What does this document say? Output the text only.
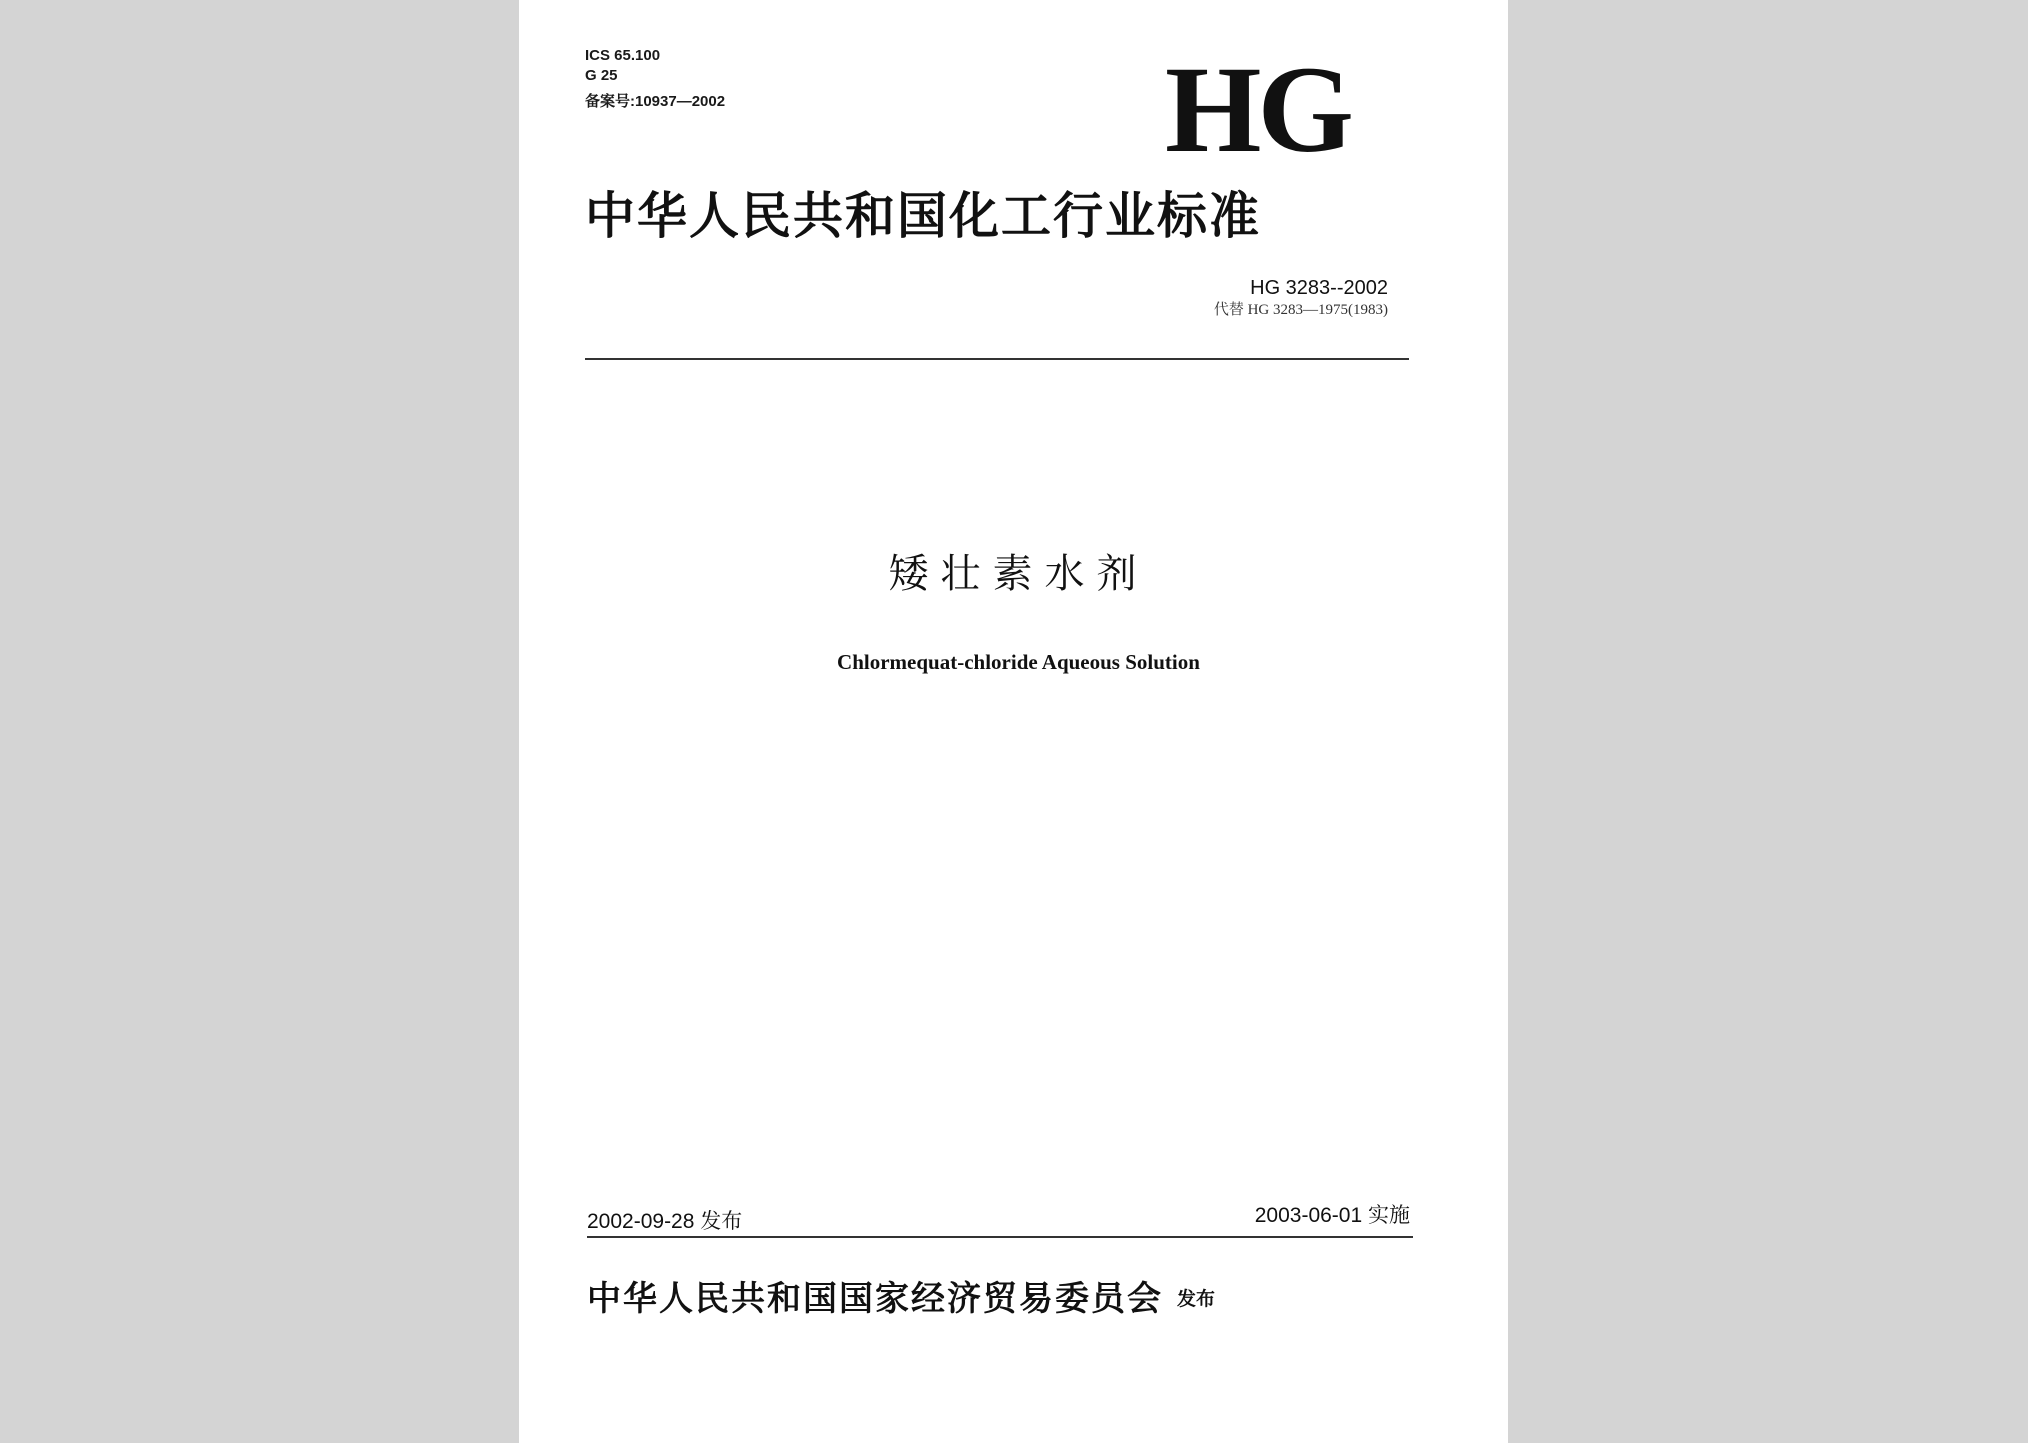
ICS 65.100
G 25
备案号:10937—2002	HG
中华人民共和国化工行业标准
HG 3283--2002
代替 HG 3283—1975(1983)
矮壮素水剂
Chlormequat-chloride Aqueous Solution
2002-09-28 发布	2003-06-01 实施
中华人民共和国国家经济贸易委员会 发布
